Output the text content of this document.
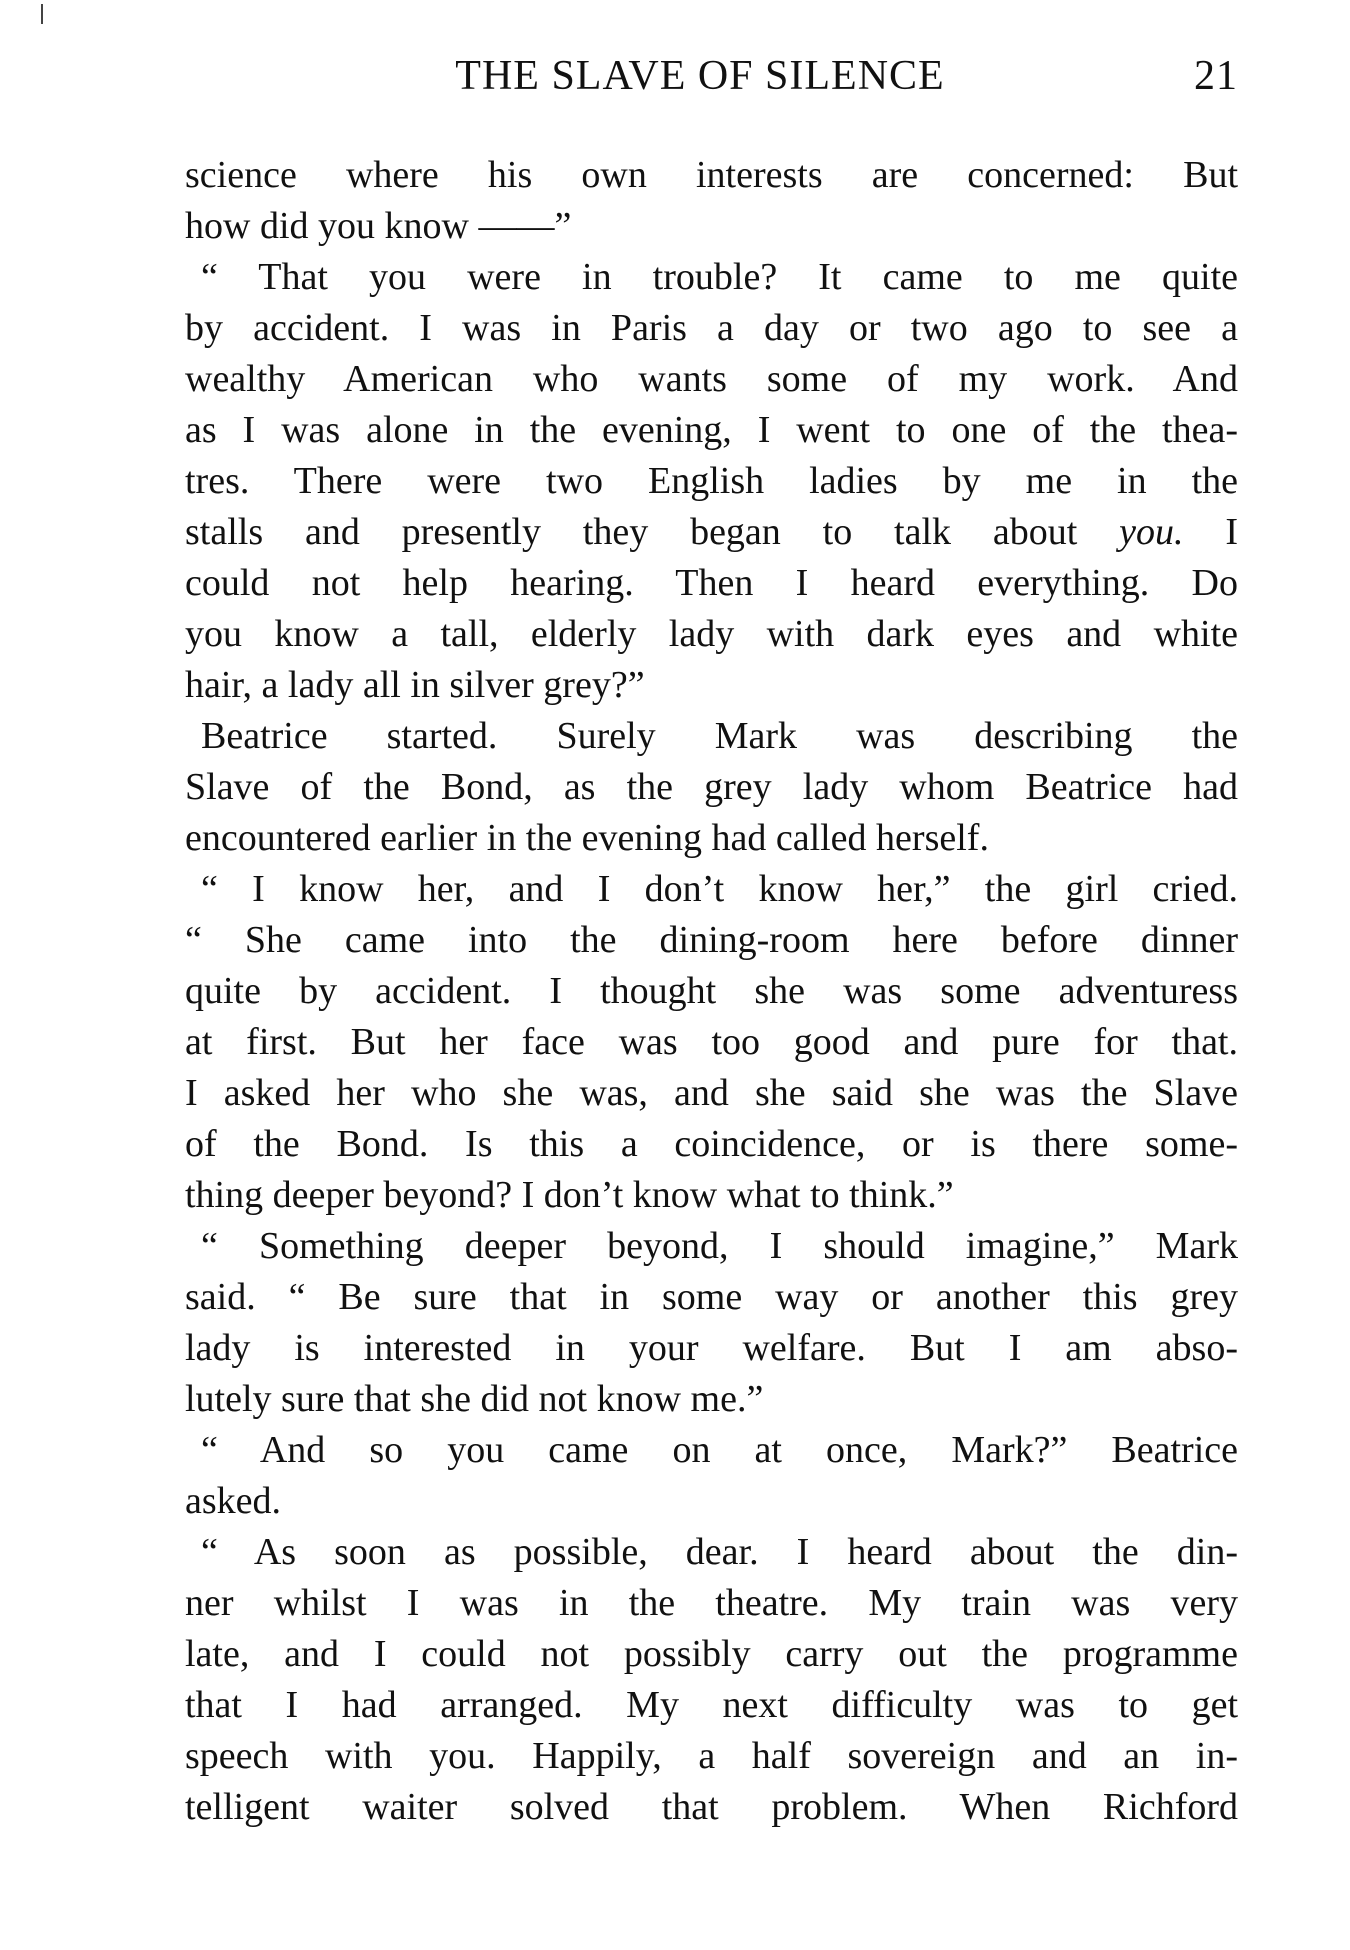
THE SLAVE OF SILENCE	21
science where his own interests are concerned: But
how did you know ——”
“ That you were in trouble? It came to me quite
by accident. I was in Paris a day or two ago to see a
wealthy American who wants some of my work. And
as I was alone in the evening, I went to one of the thea-
tres. There were two English ladies by me in the
stalls and presently they began to talk about you. I
could not help hearing. Then I heard everything. Do
you know a tall, elderly lady with dark eyes and white
hair, a lady all in silver grey?”
Beatrice started. Surely Mark was describing the
Slave of the Bond, as the grey lady whom Beatrice had
encountered earlier in the evening had called herself.
“ I know her, and I don’t know her,” the girl cried.
“ She came into the dining-room here before dinner
quite by accident. I thought she was some adventuress
at first. But her face was too good and pure for that.
I asked her who she was, and she said she was the Slave
of the Bond. Is this a coincidence, or is there some-
thing deeper beyond? I don’t know what to think.”
“ Something deeper beyond, I should imagine,” Mark
said. “ Be sure that in some way or another this grey
lady is interested in your welfare. But I am abso-
lutely sure that she did not know me.”
“ And so you came on at once, Mark?” Beatrice
asked.
“ As soon as possible, dear. I heard about the din-
ner whilst I was in the theatre. My train was very
late, and I could not possibly carry out the programme
that I had arranged. My next difficulty was to get
speech with you. Happily, a half sovereign and an in-
telligent waiter solved that problem. When Richford
